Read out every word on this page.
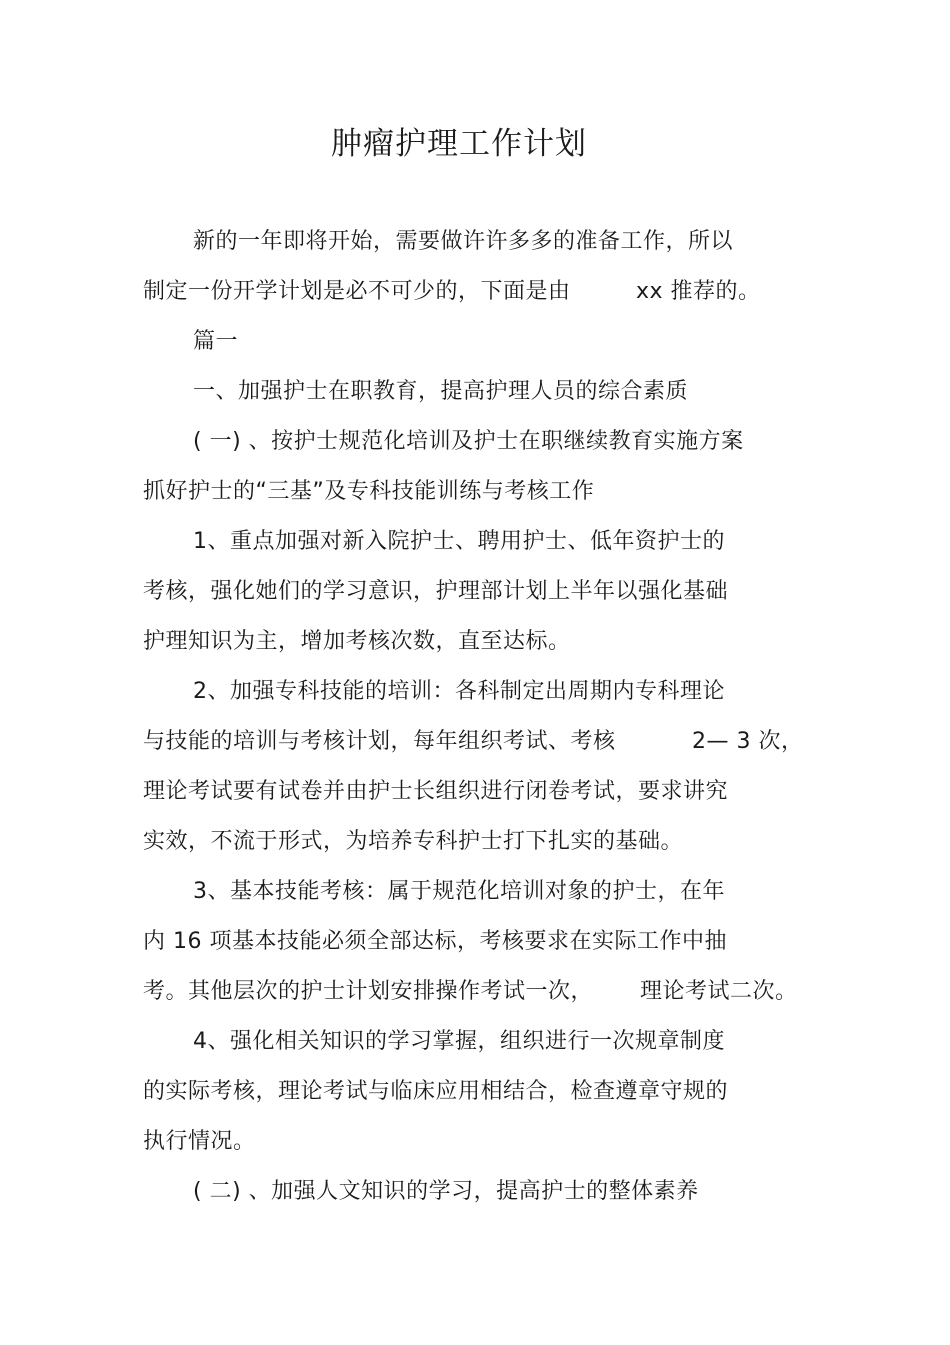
肿瘤护理工作计划
新的一年即将开始，需要做许许多多的准备工作，所以
制定一份开学计划是必不可少的，下面是由	xx 推荐的。
篇一
一、加强护士在职教育，提高护理人员的综合素质
( 一) 、按护士规范化培训及护士在职继续教育实施方案
抓好护士的“三基”及专科技能训练与考核工作
1、重点加强对新入院护士、聘用护士、低年资护士的
考核，强化她们的学习意识，护理部计划上半年以强化基础
护理知识为主，增加考核次数，直至达标。
2、加强专科技能的培训：各科制定出周期内专科理论
与技能的培训与考核计划，每年组织考试、考核	2— 3 次，
理论考试要有试卷并由护士长组织进行闭卷考试，要求讲究
实效，不流于形式，为培养专科护士打下扎实的基础。
3、基本技能考核：属于规范化培训对象的护士，在年
内 16 项基本技能必须全部达标，考核要求在实际工作中抽
考。其他层次的护士计划安排操作考试一次， 理论考试二次。
4、强化相关知识的学习掌握，组织进行一次规章制度
的实际考核，理论考试与临床应用相结合，检查遵章守规的
执行情况。
( 二) 、加强人文知识的学习，提高护士的整体素养
